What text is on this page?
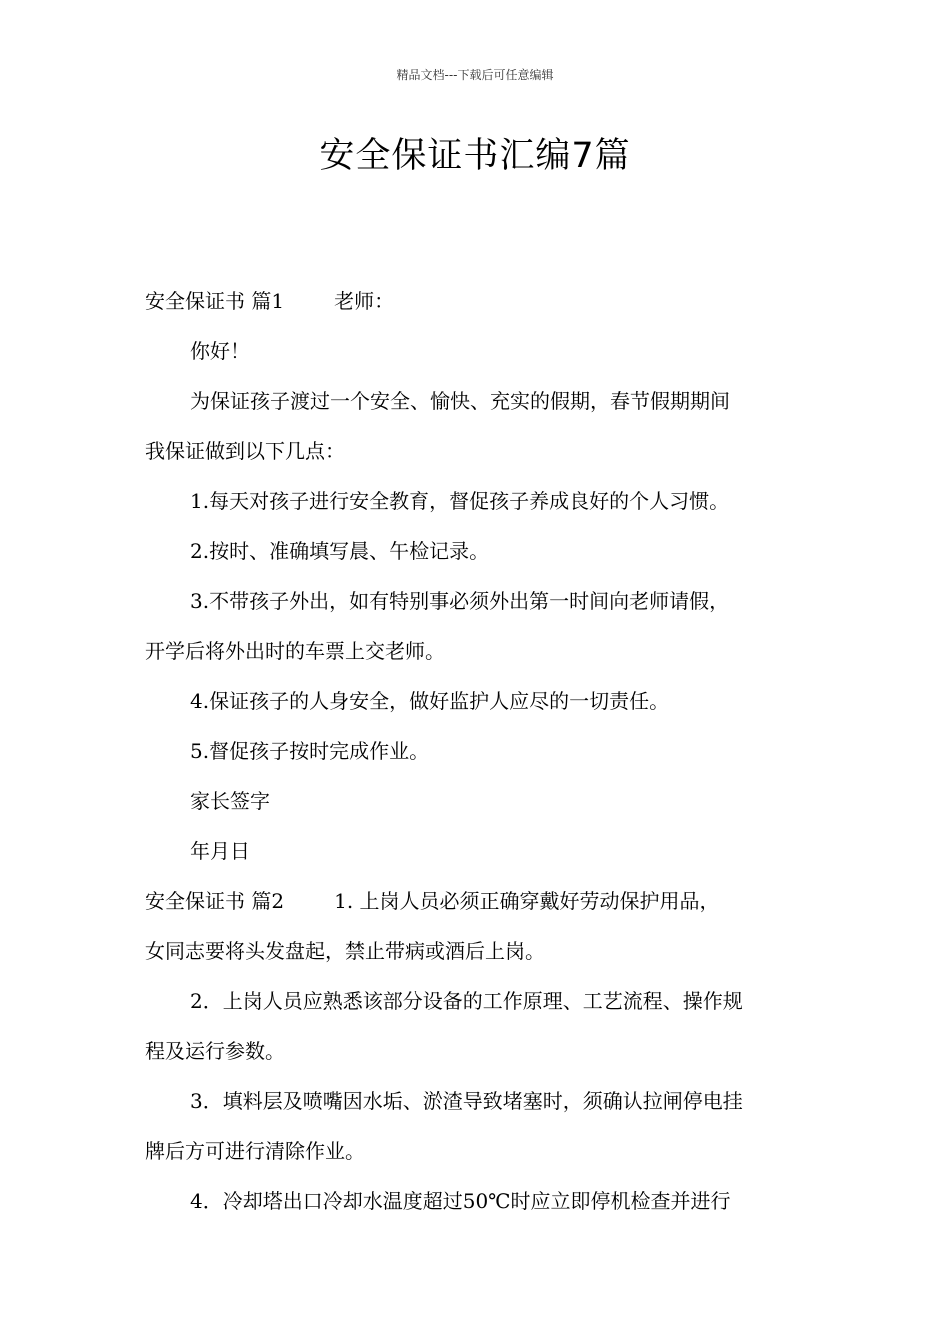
精品文档---下载后可任意编辑
安全保证书汇编7篇
安全保证书 篇1	老师：
你好！
为保证孩子渡过一个安全、愉快、充实的假期，春节假期期间
我保证做到以下几点：
1.每天对孩子进行安全教育，督促孩子养成良好的个人习惯。
2.按时、准确填写晨、午检记录。
3.不带孩子外出，如有特别事必须外出第一时间向老师请假，
开学后将外出时的车票上交老师。
4.保证孩子的人身安全，做好监护人应尽的一切责任。
5.督促孩子按时完成作业。
家长签字
年月日
安全保证书 篇2	1. 上岗人员必须正确穿戴好劳动保护用品，
女同志要将头发盘起，禁止带病或酒后上岗。
2．上岗人员应熟悉该部分设备的工作原理、工艺流程、操作规
程及运行参数。
3．填料层及喷嘴因水垢、淤渣导致堵塞时，须确认拉闸停电挂
牌后方可进行清除作业。
4．冷却塔出口冷却水温度超过50℃时应立即停机检查并进行
